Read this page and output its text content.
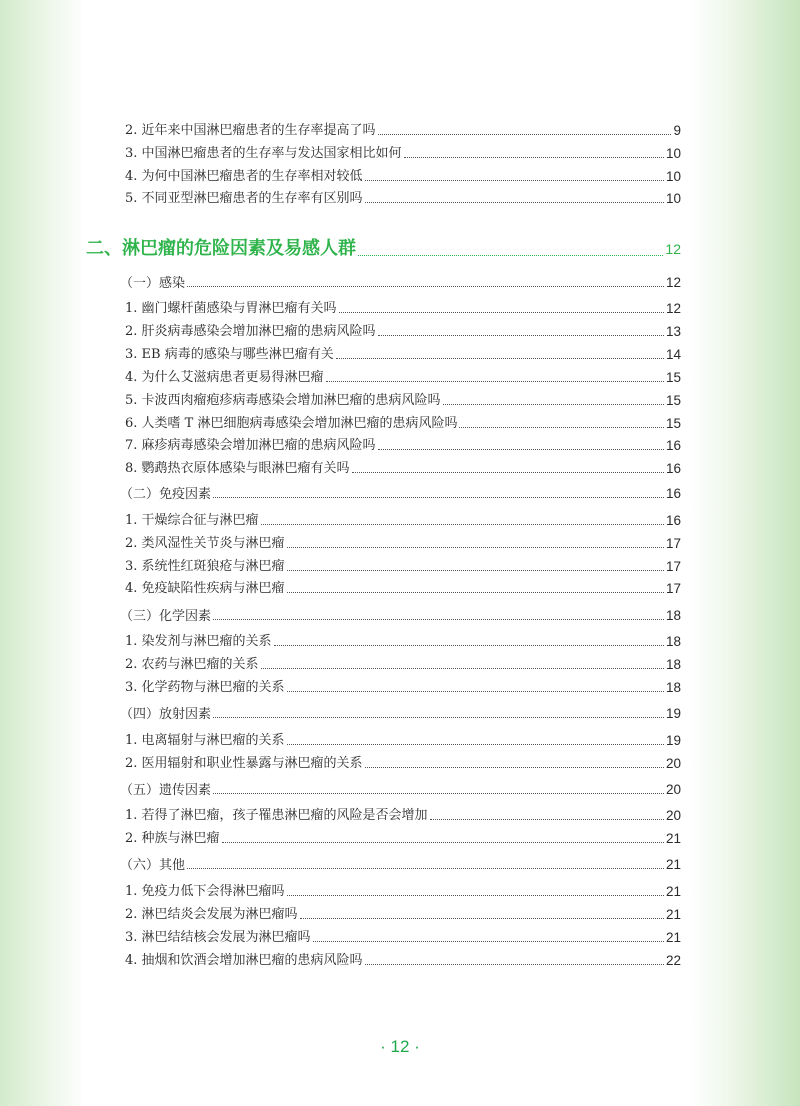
2. 近年来中国淋巴瘤患者的生存率提高了吗	9
3. 中国淋巴瘤患者的生存率与发达国家相比如何	10
4. 为何中国淋巴瘤患者的生存率相对较低	10
5. 不同亚型淋巴瘤患者的生存率有区别吗	10
二、淋巴瘤的危险因素及易感人群	12
（一）感染	12
1. 幽门螺杆菌感染与胃淋巴瘤有关吗	12
2. 肝炎病毒感染会增加淋巴瘤的患病风险吗	13
3. EB 病毒的感染与哪些淋巴瘤有关	14
4. 为什么艾滋病患者更易得淋巴瘤	15
5. 卡波西肉瘤疱疹病毒感染会增加淋巴瘤的患病风险吗	15
6. 人类嗜 T 淋巴细胞病毒感染会增加淋巴瘤的患病风险吗	15
7. 麻疹病毒感染会增加淋巴瘤的患病风险吗	16
8. 鹦鹉热衣原体感染与眼淋巴瘤有关吗	16
（二）免疫因素	16
1. 干燥综合征与淋巴瘤	16
2. 类风湿性关节炎与淋巴瘤	17
3. 系统性红斑狼疮与淋巴瘤	17
4. 免疫缺陷性疾病与淋巴瘤	17
（三）化学因素	18
1. 染发剂与淋巴瘤的关系	18
2. 农药与淋巴瘤的关系	18
3. 化学药物与淋巴瘤的关系	18
（四）放射因素	19
1. 电离辐射与淋巴瘤的关系	19
2. 医用辐射和职业性暴露与淋巴瘤的关系	20
（五）遗传因素	20
1. 若得了淋巴瘤，孩子罹患淋巴瘤的风险是否会增加	20
2. 种族与淋巴瘤	21
（六）其他	21
1. 免疫力低下会得淋巴瘤吗	21
2. 淋巴结炎会发展为淋巴瘤吗	21
3. 淋巴结结核会发展为淋巴瘤吗	21
4. 抽烟和饮酒会增加淋巴瘤的患病风险吗	22
· 12 ·
